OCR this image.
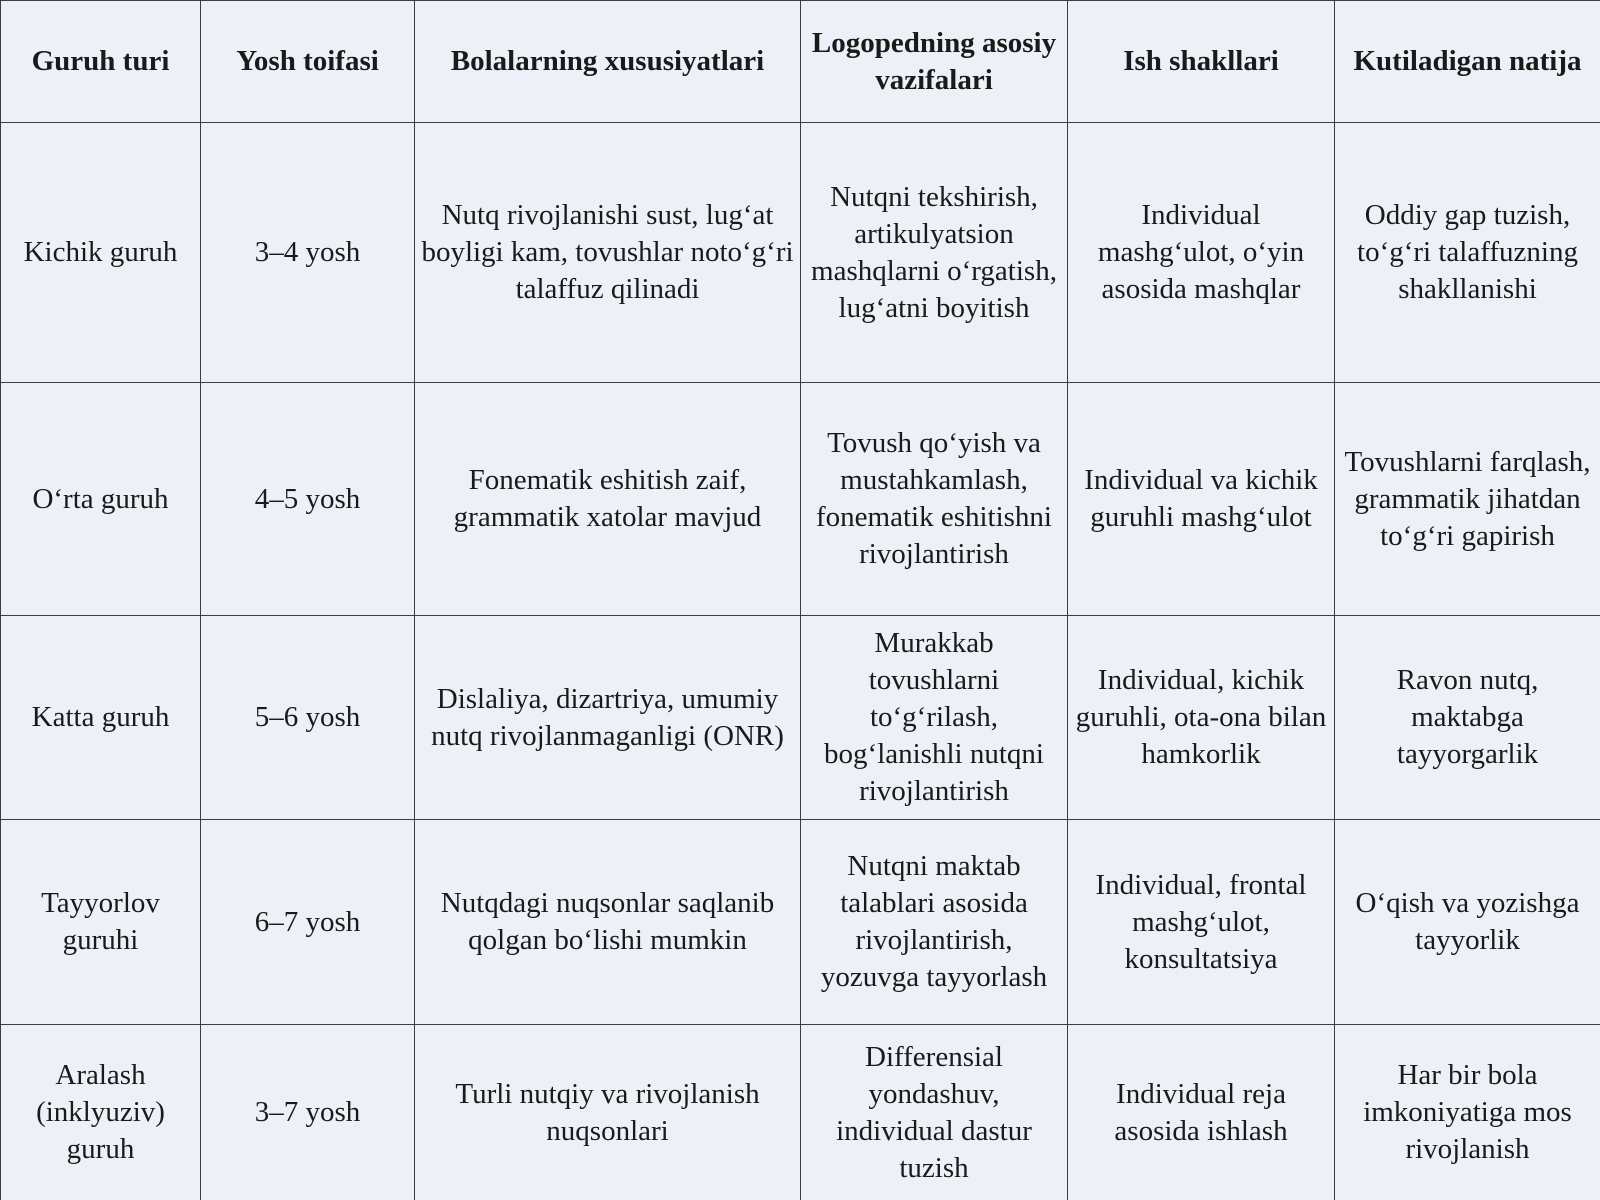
Guruh turi	Yosh toifasi	Bolalarning xususiyatlari	Logopedning asosiy vazifalari	Ish shakllari	Kutiladigan natija
Kichik guruh	3–4 yosh	Nutq rivojlanishi sust, lug‘at boyligi kam, tovushlar noto‘g‘ri talaffuz qilinadi	Nutqni tekshirish, artikulyatsion mashqlarni o‘rgatish, lug‘atni boyitish	Individual mashg‘ulot, o‘yin asosida mashqlar	Oddiy gap tuzish, to‘g‘ri talaffuzning shakllanishi
O‘rta guruh	4–5 yosh	Fonematik eshitish zaif, grammatik xatolar mavjud	Tovush qo‘yish va mustahkamlash, fonematik eshitishni rivojlantirish	Individual va kichik guruhli mashg‘ulot	Tovushlarni farqlash, grammatik jihatdan to‘g‘ri gapirish
Katta guruh	5–6 yosh	Dislaliya, dizartriya, umumiy nutq rivojlanmaganligi (ONR)	Murakkab tovushlarni to‘g‘rilash, bog‘lanishli nutqni rivojlantirish	Individual, kichik guruhli, ota-ona bilan hamkorlik	Ravon nutq, maktabga tayyorgarlik
Tayyorlov guruhi	6–7 yosh	Nutqdagi nuqsonlar saqlanib qolgan bo‘lishi mumkin	Nutqni maktab talablari asosida rivojlantirish, yozuvga tayyorlash	Individual, frontal mashg‘ulot, konsultatsiya	O‘qish va yozishga tayyorlik
Aralash (inklyuziv) guruh	3–7 yosh	Turli nutqiy va rivojlanish nuqsonlari	Differensial yondashuv, individual dastur tuzish	Individual reja asosida ishlash	Har bir bola imkoniyatiga mos rivojlanish
